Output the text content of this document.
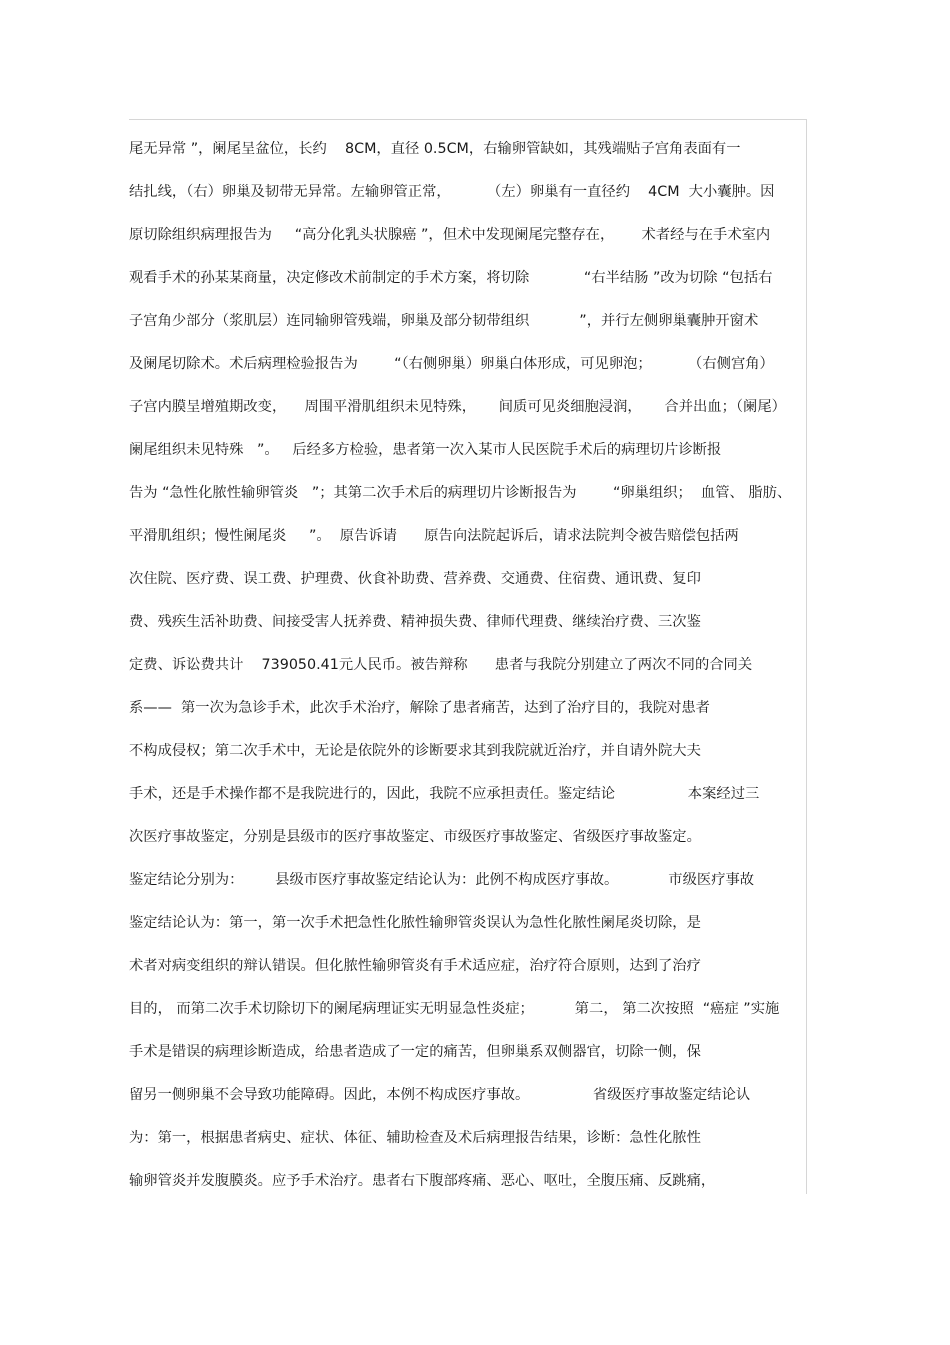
尾无异常 ”，阑尾呈盆位，长约    8CM，直径 0.5CM，右输卵管缺如，其残端贴子宫角表面有一
结扎线，（右）卵巢及韧带无异常。左输卵管正常，        （左）卵巢有一直径约    4CM  大小囊肿。因
原切除组织病理报告为     “高分化乳头状腺癌 ”，但术中发现阑尾完整存在，      术者经与在手术室内
观看手术的孙某某商量，决定修改术前制定的手术方案，将切除            “右半结肠 ”改为切除 “包括右
子宫角少部分（浆肌层）连同输卵管残端，卵巢及部分韧带组织           ”，并行左侧卵巢囊肿开窗术
及阑尾切除术。术后病理检验报告为        “（右侧卵巢）卵巢白体形成，可见卵泡；        （右侧宫角）
子宫内膜呈增殖期改变，    周围平滑肌组织未见特殊，     间质可见炎细胞浸润，     合并出血；（阑尾）
阑尾组织未见特殊   ”。   后经多方检验，患者第一次入某市人民医院手术后的病理切片诊断报
告为 “急性化脓性输卵管炎   ”；其第二次手术后的病理切片诊断报告为        “卵巢组织；  血管、 脂肪、
平滑肌组织；慢性阑尾炎     ”。  原告诉请      原告向法院起诉后，请求法院判令被告赔偿包括两
次住院、医疗费、误工费、护理费、伙食补助费、营养费、交通费、住宿费、通讯费、复印
费、残疾生活补助费、间接受害人抚养费、精神损失费、律师代理费、继续治疗费、三次鉴
定费、诉讼费共计    739050.41元人民币。被告辩称      患者与我院分别建立了两次不同的合同关
系——  第一次为急诊手术，此次手术治疗，解除了患者痛苦，达到了治疗目的，我院对患者
不构成侵权；第二次手术中，无论是依院外的诊断要求其到我院就近治疗，并自请外院大夫
手术，还是手术操作都不是我院进行的，因此，我院不应承担责任。鉴定结论                本案经过三
次医疗事故鉴定，分别是县级市的医疗事故鉴定、市级医疗事故鉴定、省级医疗事故鉴定。
鉴定结论分别为：       县级市医疗事故鉴定结论认为：此例不构成医疗事故。           市级医疗事故
鉴定结论认为：第一，第一次手术把急性化脓性输卵管炎误认为急性化脓性阑尾炎切除，是
术者对病变组织的辩认错误。但化脓性输卵管炎有手术适应症，治疗符合原则，达到了治疗
目的， 而第二次手术切除切下的阑尾病理证实无明显急性炎症；         第二， 第二次按照  “癌症 ”实施
手术是错误的病理诊断造成，给患者造成了一定的痛苦，但卵巢系双侧器官，切除一侧，保
留另一侧卵巢不会导致功能障碍。因此，本例不构成医疗事故。              省级医疗事故鉴定结论认
为：第一，根据患者病史、症状、体征、辅助检查及术后病理报告结果，诊断：急性化脓性
输卵管炎并发腹膜炎。应予手术治疗。患者右下腹部疼痛、恶心、呕吐，全腹压痛、反跳痛，
